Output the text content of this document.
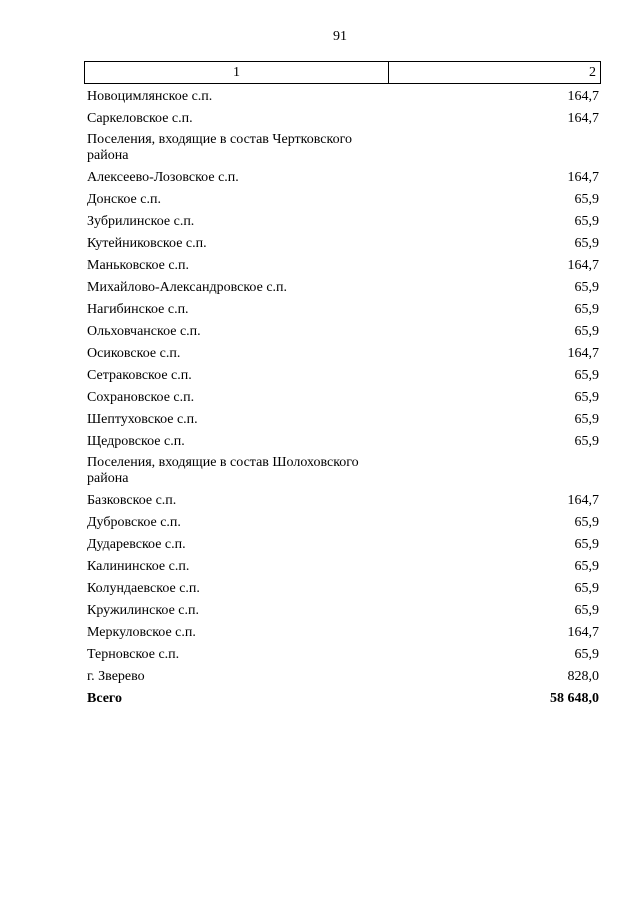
91
1	2
Новоцимлянское с.п.	164,7
Саркеловское с.п.	164,7
Поселения, входящие в состав Чертковского района
Алексеево-Лозовское с.п.	164,7
Донское с.п.	65,9
Зубрилинское с.п.	65,9
Кутейниковское с.п.	65,9
Маньковское с.п.	164,7
Михайлово-Александровское с.п.	65,9
Нагибинское с.п.	65,9
Ольховчанское с.п.	65,9
Осиковское с.п.	164,7
Сетраковское с.п.	65,9
Сохрановское с.п.	65,9
Шептуховское с.п.	65,9
Щедровское с.п.	65,9
Поселения, входящие в состав Шолоховского района
Базковское с.п.	164,7
Дубровское с.п.	65,9
Дударевское с.п.	65,9
Калининское с.п.	65,9
Колундаевское с.п.	65,9
Кружилинское с.п.	65,9
Меркуловское с.п.	164,7
Терновское с.п.	65,9
г. Зверево	828,0
Всего	58 648,0
